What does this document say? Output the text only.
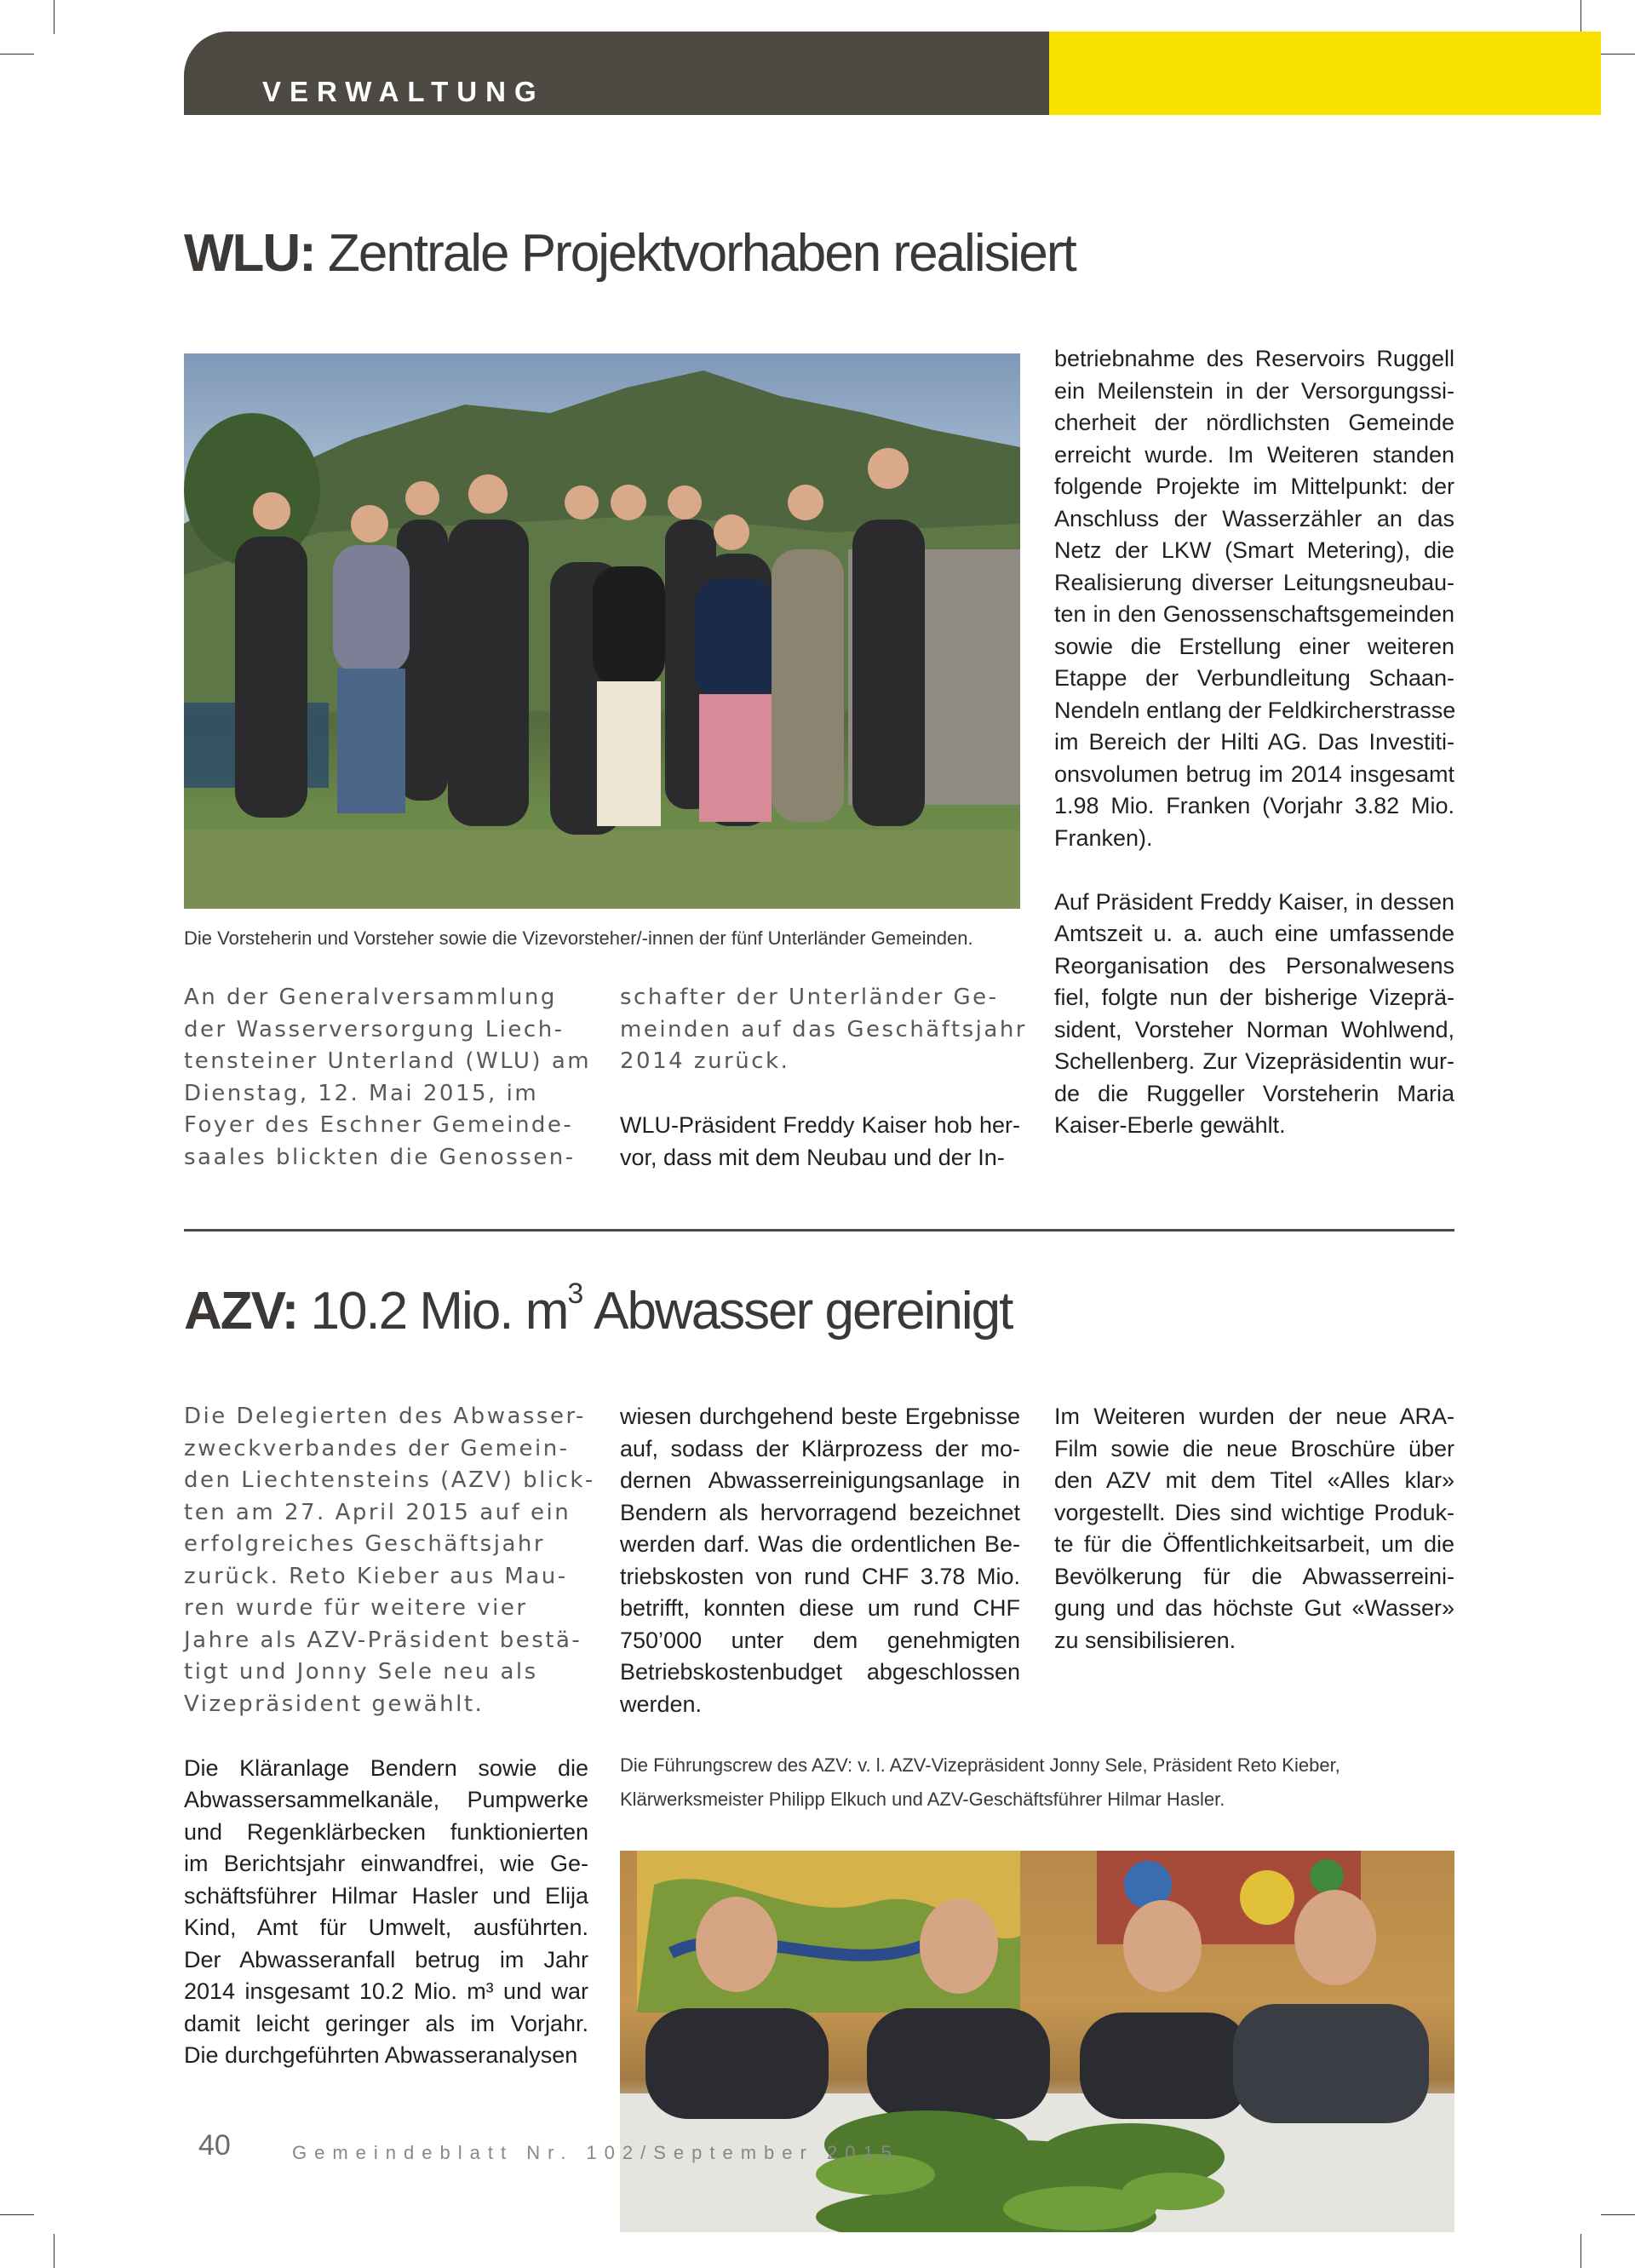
VERWALTUNG
WLU: Zentrale Projektvorhaben realisiert
Die Vorsteherin und Vorsteher sowie die Vizevorsteher/-innen der fünf Unterländer Gemeinden.

An der Generalversammlung
der Wasserversorgung Liech-
tensteiner Unterland (WLU) am
Dienstag, 12. Mai 2015, im
Foyer des Eschner Gemeinde-
saales blickten die Genossen-

schafter der Unterländer Ge-
meinden auf das Geschäftsjahr
2014 zurück.

WLU-Präsident Freddy Kaiser hob her-
vor, dass mit dem Neubau und der In-

betriebnahme des Reservoirs Ruggell
ein Meilenstein in der Versorgungssi-
cherheit der nördlichsten Gemeinde
erreicht wurde. Im Weiteren standen
folgende Projekte im Mittelpunkt: der
Anschluss der Wasserzähler an das
Netz der LKW (Smart Metering), die
Realisierung diverser Leitungsneubau-
ten in den Genossenschaftsgemeinden
sowie die Erstellung einer weiteren
Etappe der Verbundleitung Schaan-
Nendeln entlang der Feldkircherstrasse
im Bereich der Hilti AG. Das Investiti-
onsvolumen betrug im 2014 insgesamt
1.98 Mio. Franken (Vorjahr 3.82 Mio.
Franken).

Auf Präsident Freddy Kaiser, in dessen
Amtszeit u. a. auch eine umfassende
Reorganisation des Personalwesens
fiel, folgte nun der bisherige Vizeprä-
sident, Vorsteher Norman Wohlwend,
Schellenberg. Zur Vizepräsidentin wur-
de die Ruggeller Vorsteherin Maria
Kaiser-Eberle gewählt.

AZV: 10.2 Mio. $m^3$ Abwasser gereinigt

Die Delegierten des Abwasser-
zweckverbandes der Gemein-
den Liechtensteins (AZV) blick-
ten am 27. April 2015 auf ein
erfolgreiches Geschäftsjahr
zurück. Reto Kieber aus Mau-
ren wurde für weitere vier
Jahre als AZV-Präsident bestä-
tigt und Jonny Sele neu als
Vizepräsident gewählt.

Die Kläranlage Bendern sowie die
Abwassersammelkanäle, Pumpwerke
und Regenklärbecken funktionierten
im Berichtsjahr einwandfrei, wie Ge-
schäftsführer Hilmar Hasler und Elija
Kind, Amt für Umwelt, ausführten.
Der Abwasseranfall betrug im Jahr
2014 insgesamt 10.2 Mio. m³ und war
damit leicht geringer als im Vorjahr.
Die durchgeführten Abwasseranalysen

wiesen durchgehend beste Ergebnisse
auf, sodass der Klärprozess der mo-
dernen Abwasserreinigungsanlage in
Bendern als hervorragend bezeichnet
werden darf. Was die ordentlichen Be-
triebskosten von rund CHF 3.78 Mio.
betrifft, konnten diese um rund CHF
750’000 unter dem genehmigten
Betriebskostenbudget abgeschlossen
werden.

Im Weiteren wurden der neue ARA-
Film sowie die neue Broschüre über
den AZV mit dem Titel «Alles klar»
vorgestellt. Dies sind wichtige Produk-
te für die Öffentlichkeitsarbeit, um die
Bevölkerung für die Abwasserreini-
gung und das höchste Gut «Wasser»
zu sensibilisieren.

Die Führungscrew des AZV: v. l. AZV-Vizepräsident Jonny Sele, Präsident Reto Kieber,
Klärwerksmeister Philipp Elkuch und AZV-Geschäftsführer Hilmar Hasler.
40	Gemeindeblatt Nr. 102/September 2015
